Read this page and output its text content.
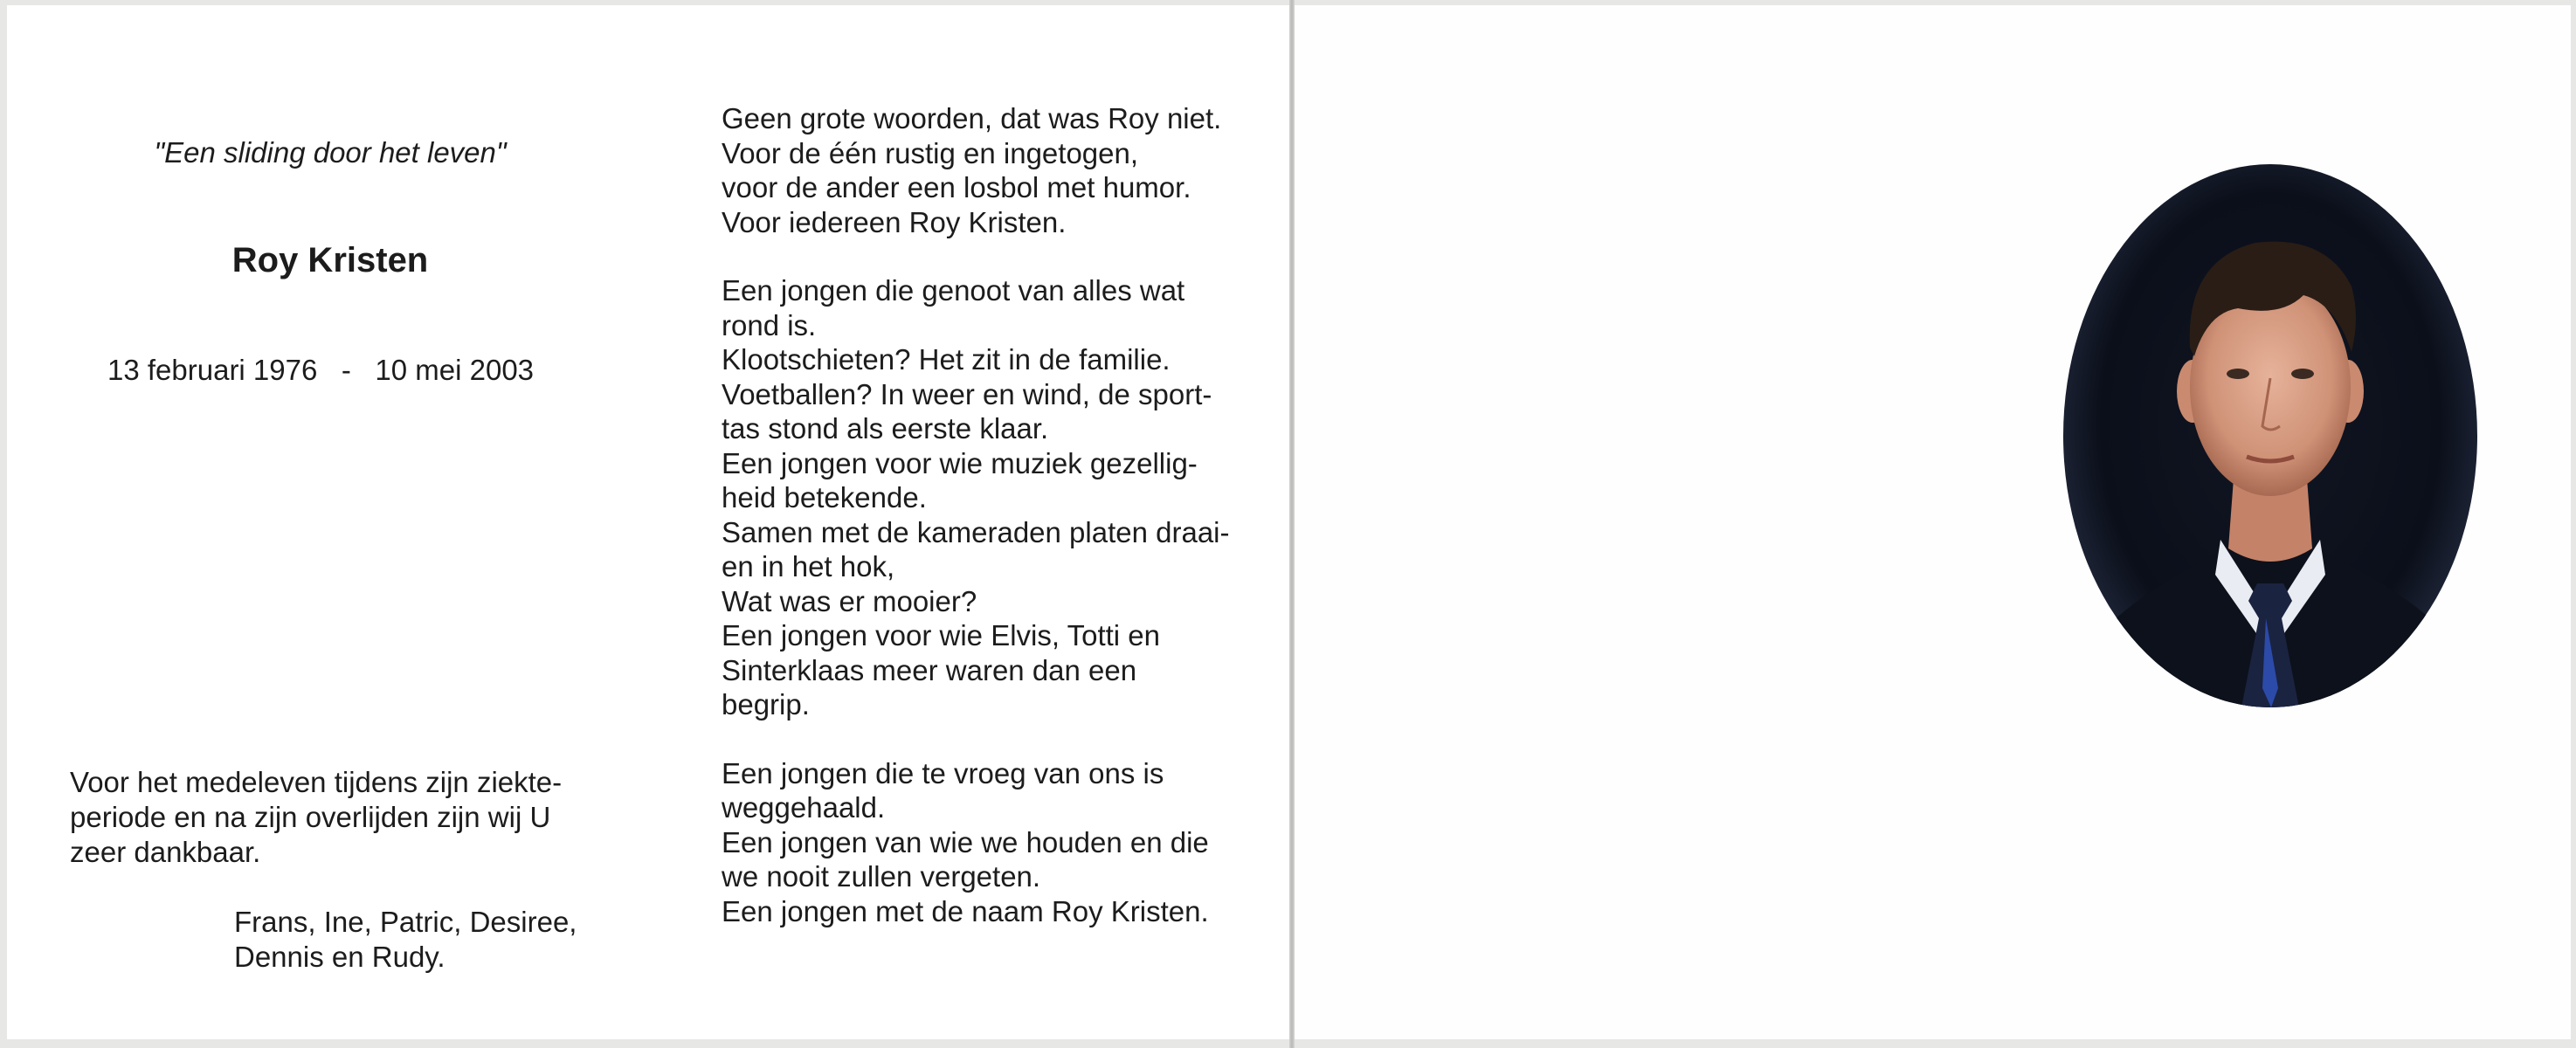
"Een sliding door het leven"
Roy Kristen
13 februari 1976 - 10 mei 2003
Voor het medeleven tijdens zijn ziekte-
periode en na zijn overlijden zijn wij U
zeer dankbaar.
Frans, Ine, Patric, Desiree,
Dennis en Rudy.
Geen grote woorden, dat was Roy niet.
Voor de één rustig en ingetogen,
voor de ander een losbol met humor.
Voor iedereen Roy Kristen.
Een jongen die genoot van alles wat
rond is.
Klootschieten? Het zit in de familie.
Voetballen? In weer en wind, de sport-
tas stond als eerste klaar.
Een jongen voor wie muziek gezellig-
heid betekende.
Samen met de kameraden platen draai-
en in het hok,
Wat was er mooier?
Een jongen voor wie Elvis, Totti en
Sinterklaas meer waren dan een
begrip.
Een jongen die te vroeg van ons is
weggehaald.
Een jongen van wie we houden en die
we nooit zullen vergeten.
Een jongen met de naam Roy Kristen.
